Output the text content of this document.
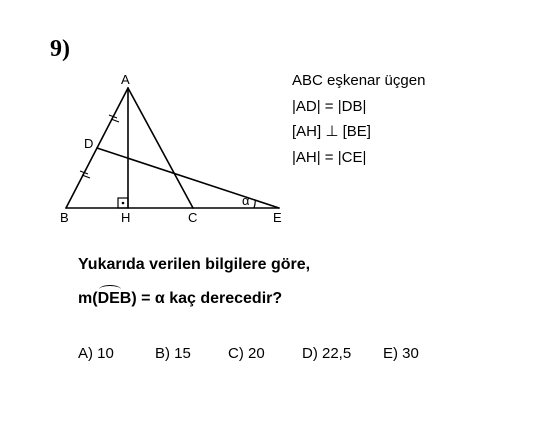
9)
A
D
B	H	C	E
α
ABC eşkenar üçgen
|AD| = |DB|
[AH] ⊥ [BE]
|AH| = |CE|
Yukarıda verilen bilgilere göre,
m(DEB) = α kaç derecedir?
A) 10	B) 15 C) 20 D) 22,5 E) 30
